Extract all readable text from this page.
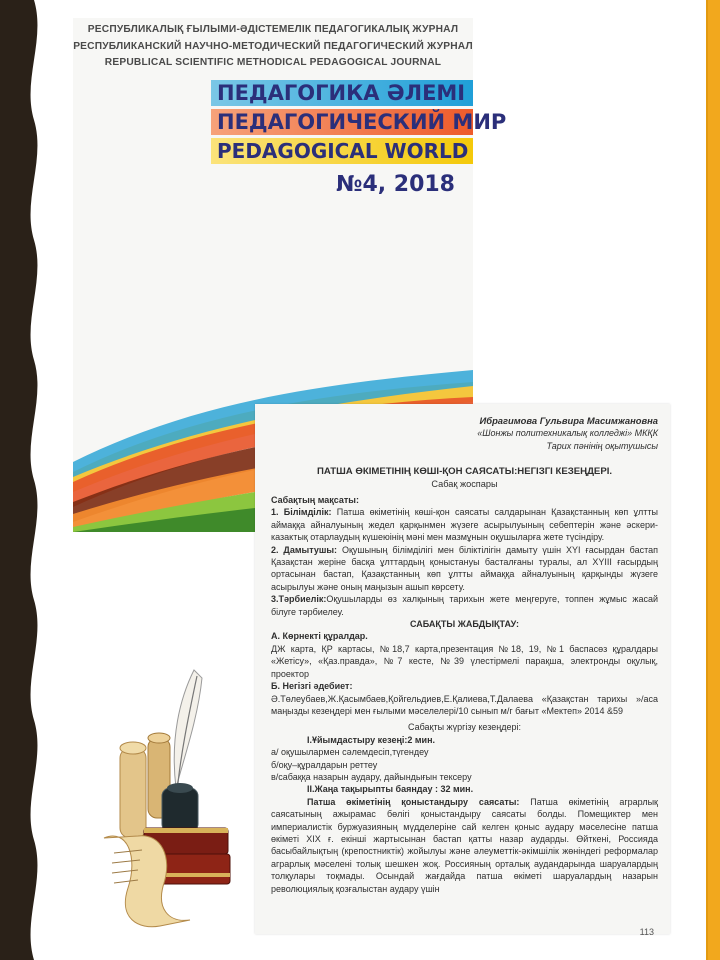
РЕСПУБЛИКАЛЫҚ ҒЫЛЫМИ-ӘДІСТЕМЕЛІК ПЕДАГОГИКАЛЫҚ ЖУРНАЛ
РЕСПУБЛИКАНСКИЙ НАУЧНО-МЕТОДИЧЕСКИЙ ПЕДАГОГИЧЕСКИЙ ЖУРНАЛ
REPUBLICAL SCIENTIFIC METHODICAL PEDAGOGICAL JOURNAL
ПЕДАГОГИКА ӘЛЕМІ
ПЕДАГОГИЧЕСКИЙ МИР
PEDAGOGICAL WORLD
№4, 2018
Ибрагимова Гульвира Масимжановна
«Шонжы политехникалық колледжі» МКҚК
Тарих пәнінің оқытушысы
ПАТША ӨКІМЕТІНІҢ КӨШІ-ҚОН САЯСАТЫ:НЕГІЗГІ КЕЗЕҢДЕРІ.
Сабақ жоспары
Сабақтың мақсаты:

1. Білімділік: Патша өкіметінің көші-қон саясаты салдарынан Қазақстанның көп ұлтты аймаққа айналуының жедел қарқынмен жүзеге асырылуының себептерін және әскери-казактық отарлаудың күшеюінің мәні мен мазмұнын оқушыларға жете түсіндіру.

2. Дамытушы: Оқушының білімділігі мен біліктілігін дамыту үшін XYI ғасырдан бастап Қазақстан жеріне басқа ұлттардың қоныстануы басталғаны туралы, ал XYIII ғасырдың ортасынан бастап, Қазақстанның көп ұлтты аймаққа айналуының қарқынды жүзеге асырылуы және оның маңызын ашып көрсету.

3.Тәрбиелік:Оқушыларды өз халқының тарихын жете меңгеруге, топпен жұмыс жасай білуге тәрбиелеу.

САБАҚТЫ ЖАБДЫҚТАУ:
А. Көрнекті құралдар.

ДЖ карта, ҚР картасы, №18,7 карта,презентация №18, 19, №1 баспасөз құралдары «Жетісу», «Қаз.правда», №7 кесте, №39 үлестірмелі парақша, электронды оқулық, проектор

Б. Негізгі әдебиет:

Ә.Төлеубаев,Ж.Қасымбаев,Қойгельдиев,Е.Қалиева,Т.Далаева «Қазақстан тарихы »/аса маңызды кезеңдері мен ғылыми мәселелері/10 сынып м/г бағыт «Мектеп» 2014 &59

Сабақты жүргізу кезеңдері:
І.Ұйымдастыру кезеңі:2 мин.
а/ оқушылармен сәлемдесіп,түгендеу
б/оқу–құралдарын реттеу
в/сабаққа назарын аудару, дайындығын тексеру
ІІ.Жаңа тақырыпты баяндау : 32 мин.

Патша өкіметінің қоныстандыру саясаты: Патша өкіметінің аграрлық саясатының ажырамас бөлігі қоныстандыру саясаты болды. Помещиктер мен империалистік буржуазияның мүдделеріне сай келген қоныс аудару мәселесіне патша өкіметі XIX ғ. екінші жартысынан бастап қатты назар аударды. Өйткені, Россияда басыбайлықтың (крепостниктік) жойылуы және әлеуметтік-әкімшілік жөніндегі реформалар аграрлық мәселені толық шешкен жоқ. Россияның орталық аудандарында шаруалардың толқулары тоқмады. Осындай жағдайда патша өкіметі шаруалардың назарын революциялық қозғалыстан аудару үшін

113
